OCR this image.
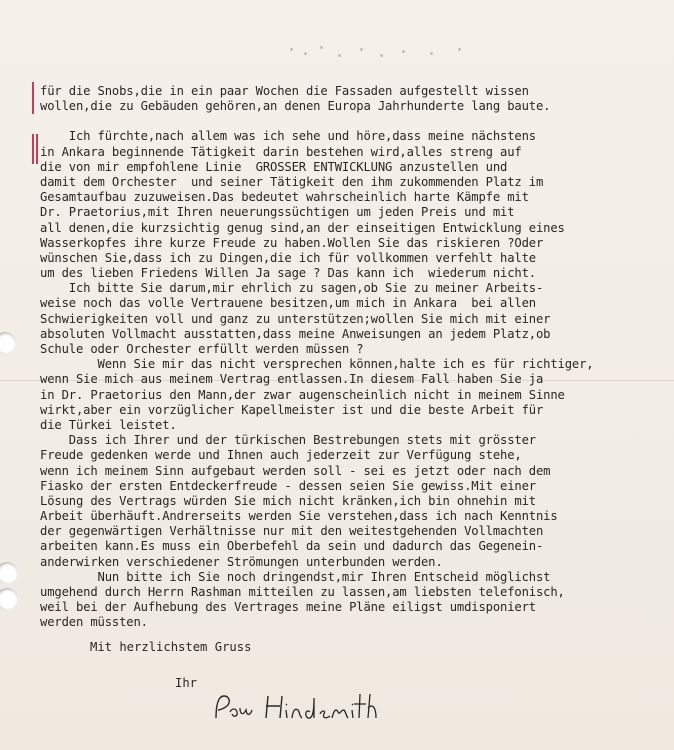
für die Snobs,die in ein paar Wochen die Fassaden aufgestellt wissen
wollen,die zu Gebäuden gehören,an denen Europa Jahrhunderte lang baute.
Ich fürchte,nach allem was ich sehe und höre,dass meine nächstens
in Ankara beginnende Tätigkeit darin bestehen wird,alles streng auf
die von mir empfohlene Linie  GROSSER ENTWICKLUNG anzustellen und
damit dem Orchester  und seiner Tätigkeit den ihm zukommenden Platz im
Gesamtaufbau zuzuweisen.Das bedeutet wahrscheinlich harte Kämpfe mit
Dr. Praetorius,mit Ihren neuerungssüchtigen um jeden Preis und mit
all denen,die kurzsichtig genug sind,an der einseitigen Entwicklung eines
Wasserkopfes ihre kurze Freude zu haben.Wollen Sie das riskieren ?Oder
wünschen Sie,dass ich zu Dingen,die ich für vollkommen verfehlt halte
um des lieben Friedens Willen Ja sage ? Das kann ich  wiederum nicht.
Ich bitte Sie darum,mir ehrlich zu sagen,ob Sie zu meiner Arbeits-
weise noch das volle Vertrauene besitzen,um mich in Ankara  bei allen
Schwierigkeiten voll und ganz zu unterstützen;wollen Sie mich mit einer
absoluten Vollmacht ausstatten,dass meine Anweisungen an jedem Platz,ob
Schule oder Orchester erfüllt werden müssen ?
Wenn Sie mir das nicht versprechen können,halte ich es für richtiger,
wenn Sie mich aus meinem Vertrag entlassen.In diesem Fall haben Sie ja
in Dr. Praetorius den Mann,der zwar augenscheinlich nicht in meinem Sinne
wirkt,aber ein vorzüglicher Kapellmeister ist und die beste Arbeit für
die Türkei leistet.
Dass ich Ihrer und der türkischen Bestrebungen stets mit grösster
Freude gedenken werde und Ihnen auch jederzeit zur Verfügung stehe,
wenn ich meinem Sinn aufgebaut werden soll - sei es jetzt oder nach dem
Fiasko der ersten Entdeckerfreude - dessen seien Sie gewiss.Mit einer
Lösung des Vertrags würden Sie mich nicht kränken,ich bin ohnehin mit
Arbeit überhäuft.Andrerseits werden Sie verstehen,dass ich nach Kenntnis
der gegenwärtigen Verhältnisse nur mit den weitestgehenden Vollmachten
arbeiten kann.Es muss ein Oberbefehl da sein und dadurch das Gegenein-
anderwirken verschiedener Strömungen unterbunden werden.
Nun bitte ich Sie noch dringendst,mir Ihren Entscheid möglichst
umgehend durch Herrn Rashman mitteilen zu lassen,am liebsten telefonisch,
weil bei der Aufhebung des Vertrages meine Pläne eiligst umdisponiert
werden müssten.
Mit herzlichstem Gruss
Ihr
